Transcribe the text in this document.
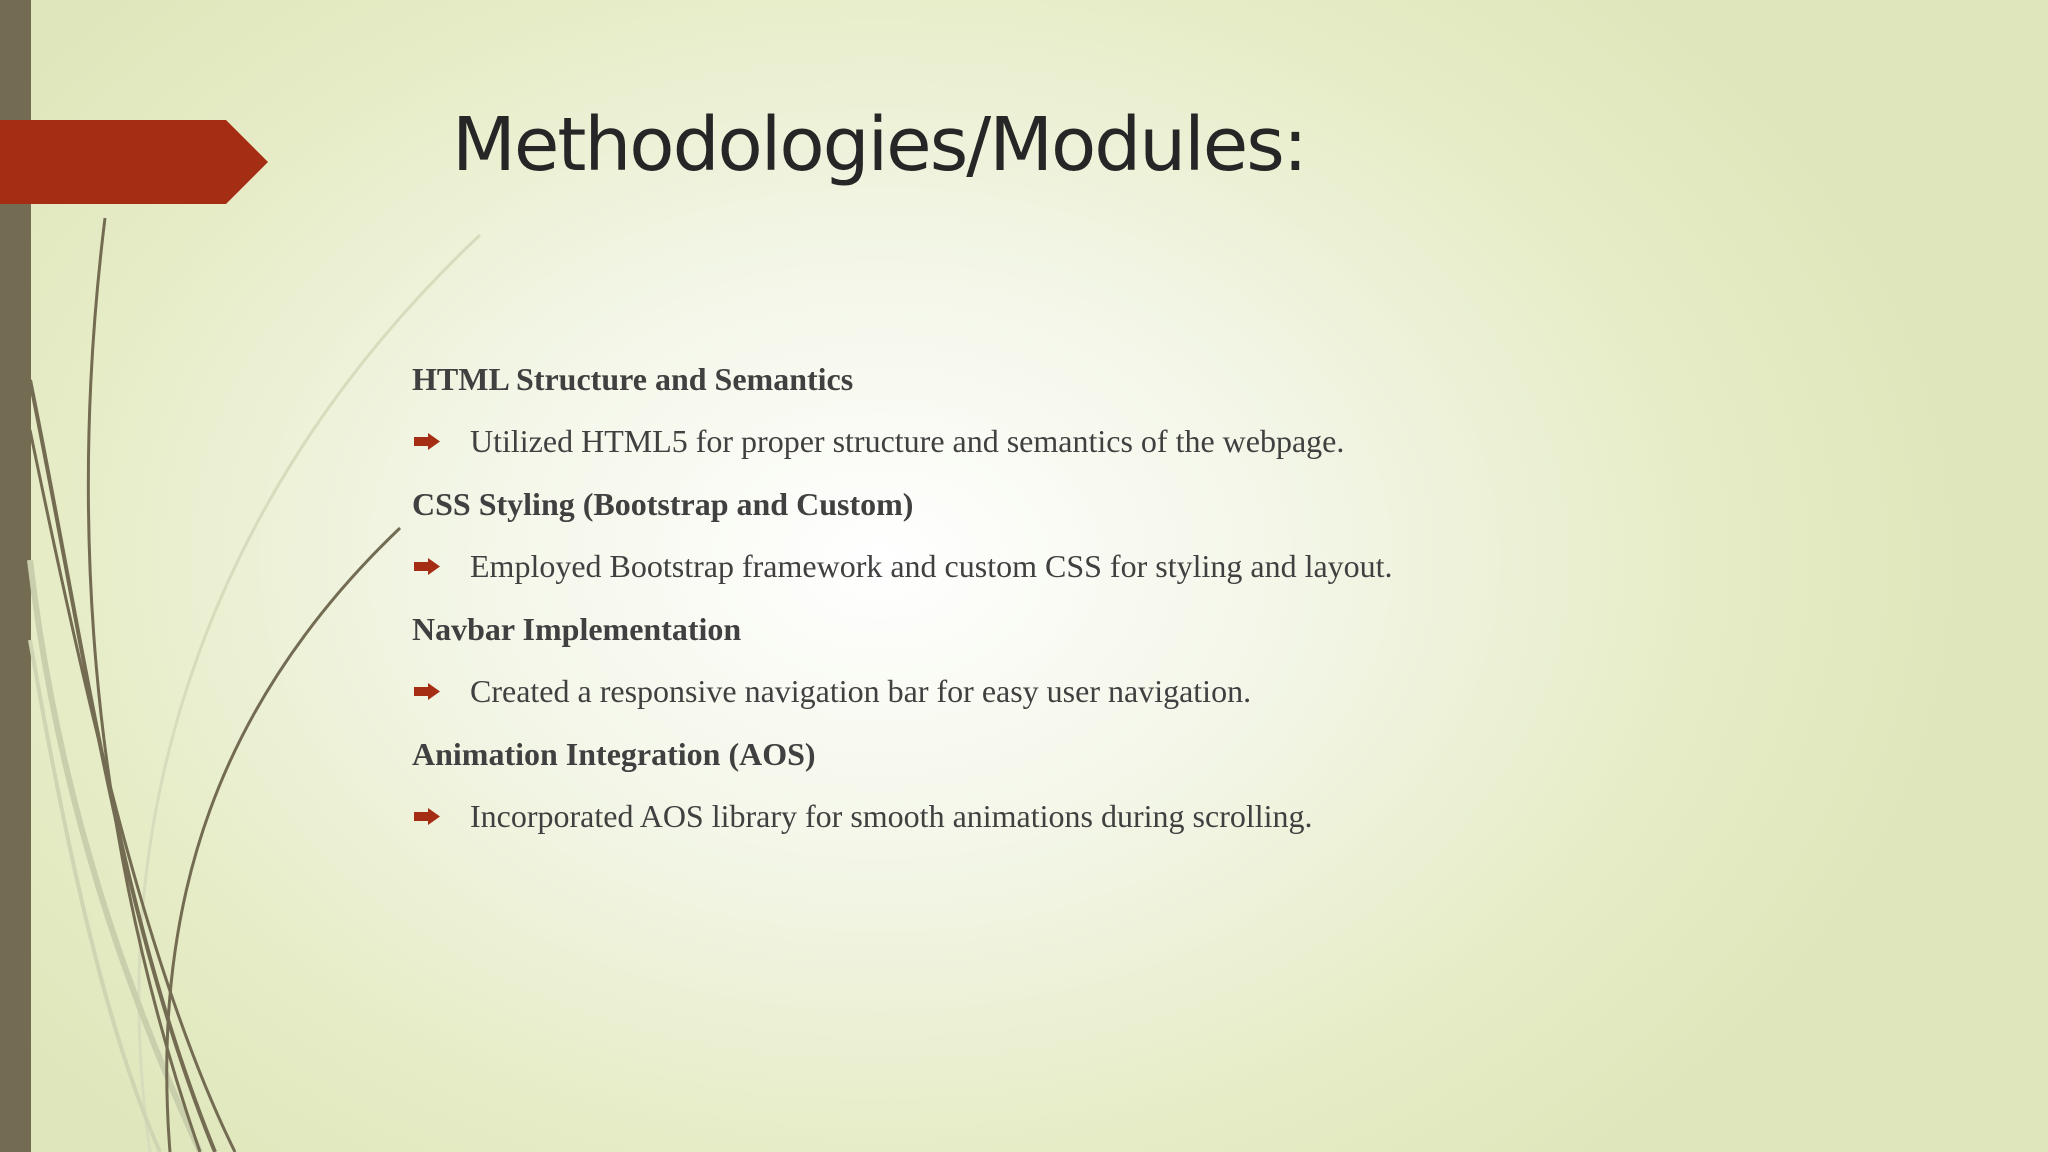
Methodologies/Modules:
HTML Structure and Semantics
Utilized HTML5 for proper structure and semantics of the webpage.
CSS Styling (Bootstrap and Custom)
Employed Bootstrap framework and custom CSS for styling and layout.
Navbar Implementation
Created a responsive navigation bar for easy user navigation.
Animation Integration (AOS)
Incorporated AOS library for smooth animations during scrolling.
